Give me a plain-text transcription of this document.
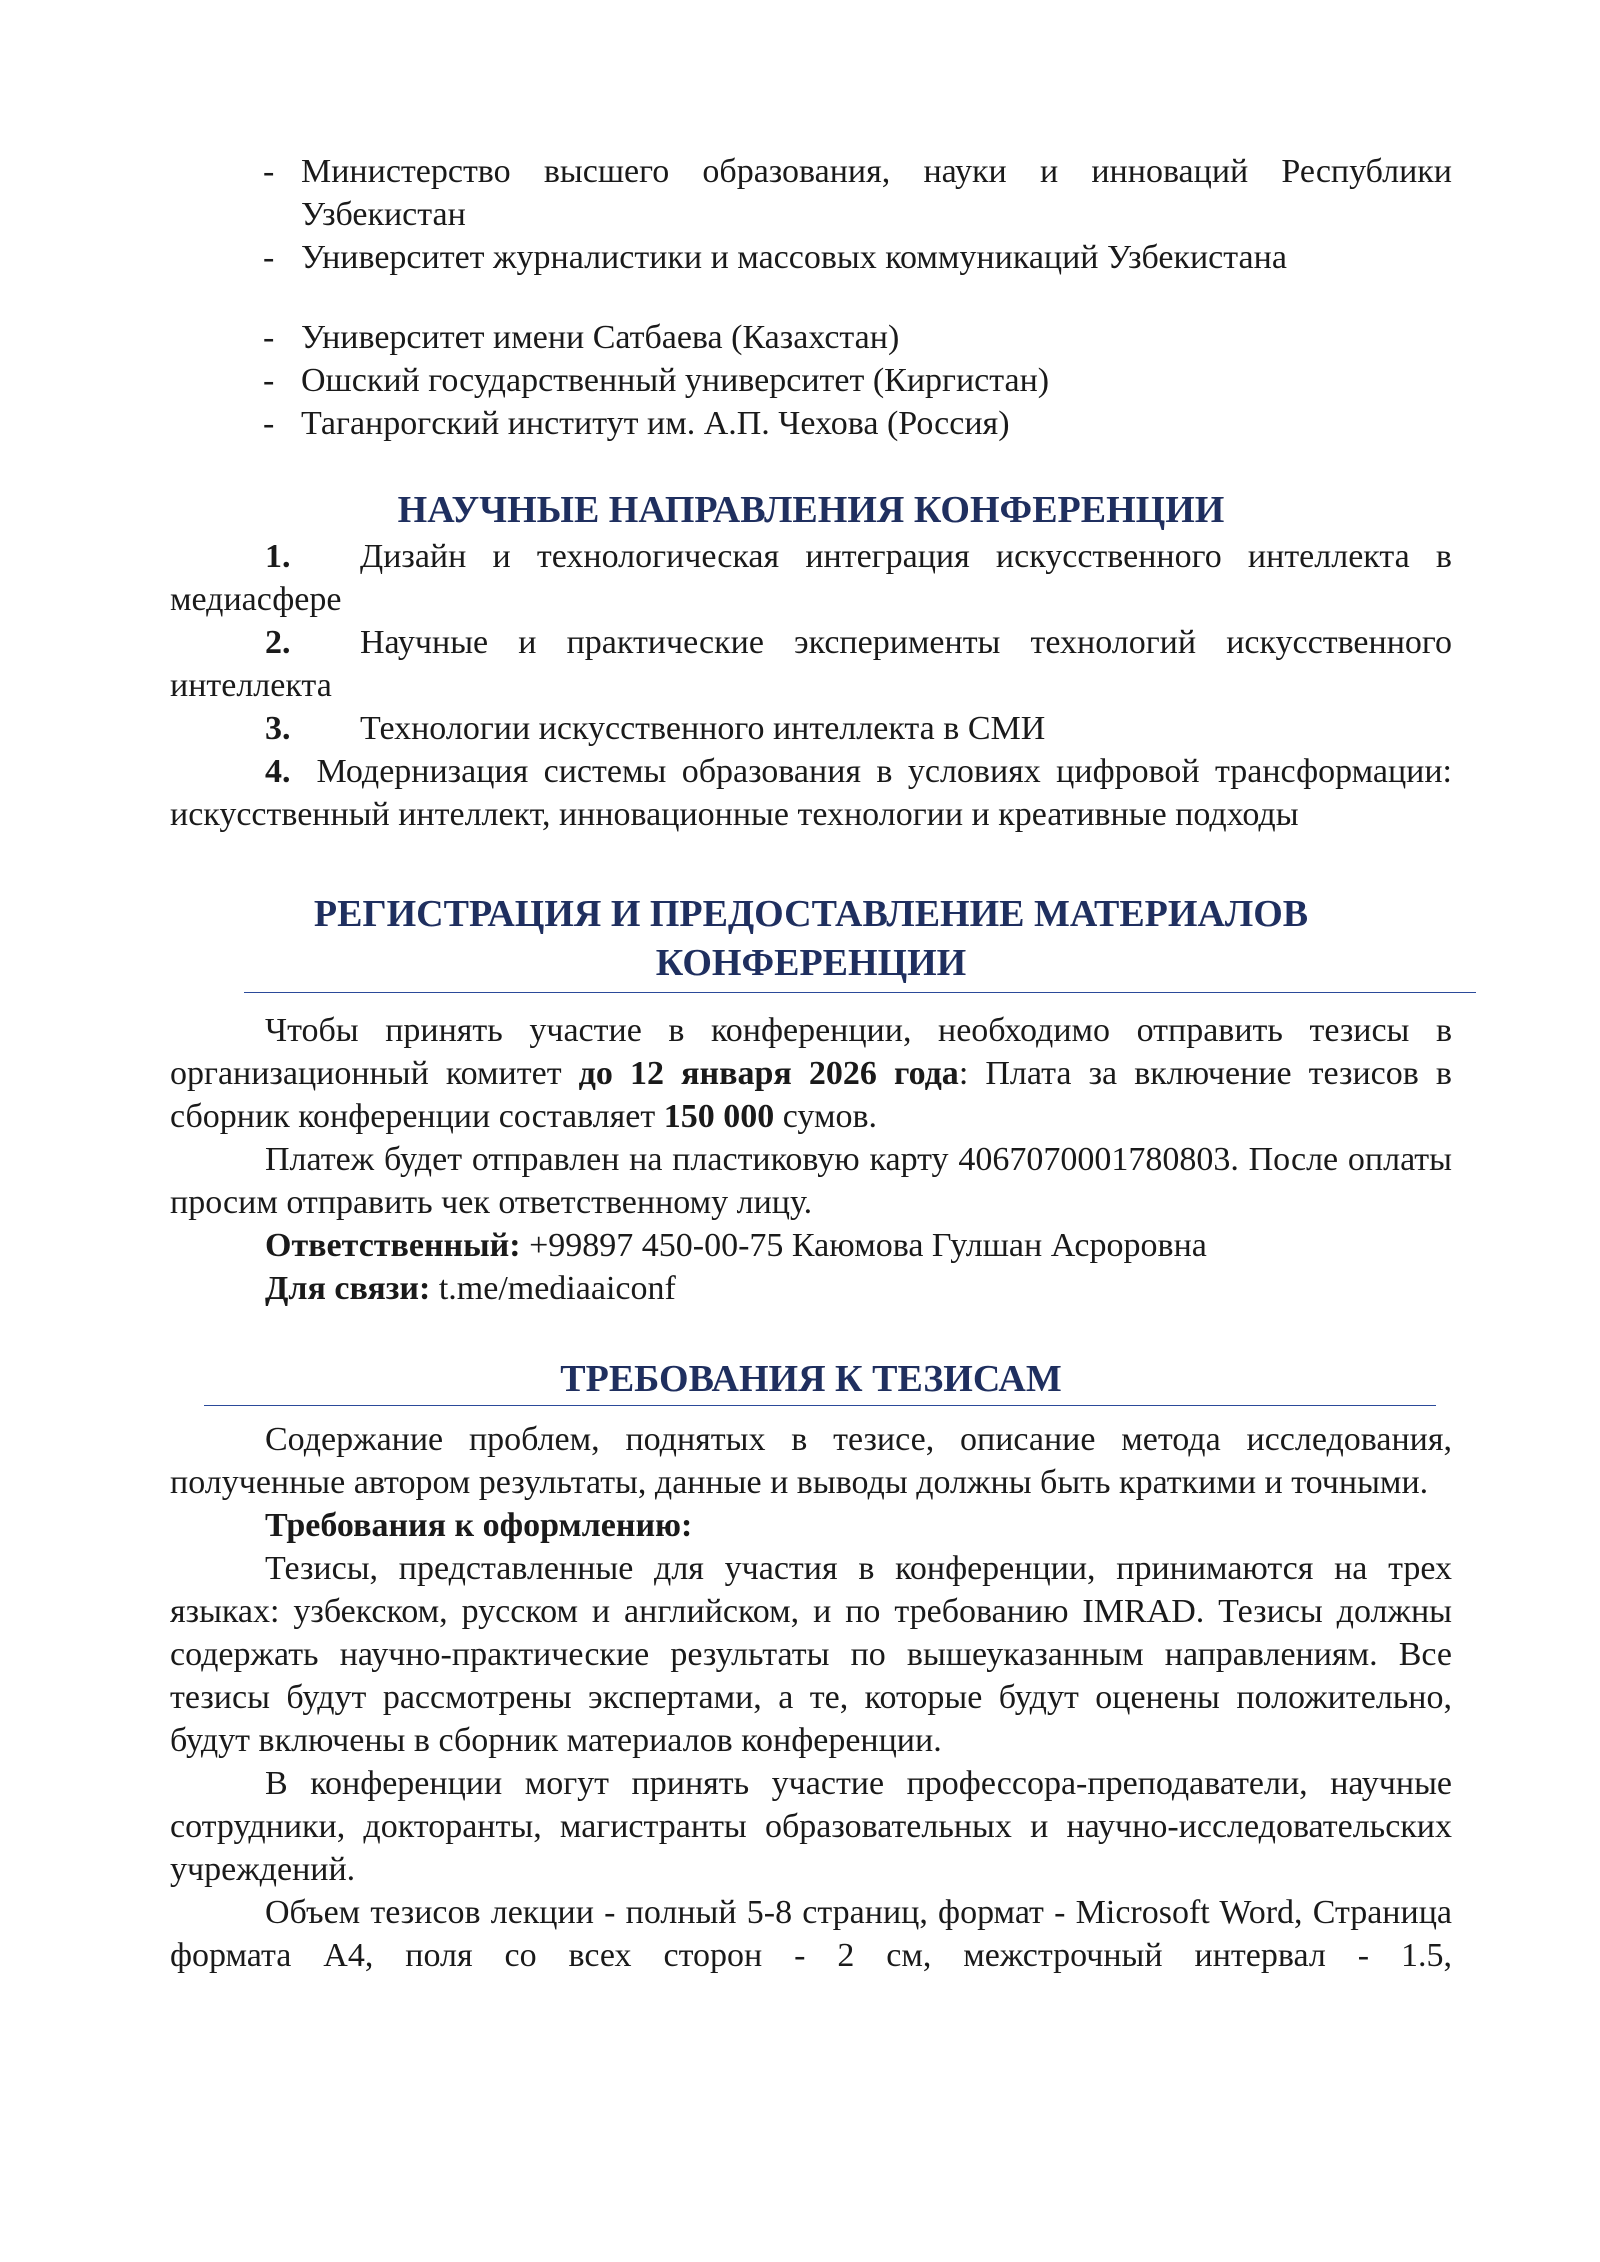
- Министерство высшего образования, науки и инноваций Республики Узбекистан
- Университет журналистики и массовых коммуникаций Узбекистана
- Университет имени Сатбаева (Казахстан)
- Ошский государственный университет (Киргистан)
- Таганрогский институт им. А.П. Чехова (Россия)
НАУЧНЫЕ НАПРАВЛЕНИЯ КОНФЕРЕНЦИИ

1. Дизайн и технологическая интеграция искусственного интеллекта в медиасфере

2. Научные и практические эксперименты технологий искусственного интеллекта

3. Технологии искусственного интеллекта в СМИ

4. Модернизация системы образования в условиях цифровой трансформации: искусственный интеллект, инновационные технологии и креативные подходы

РЕГИСТРАЦИЯ И ПРЕДОСТАВЛЕНИЕ МАТЕРИАЛОВ
КОНФЕРЕНЦИИ

Чтобы принять участие в конференции, необходимо отправить тезисы в организационный комитет до 12 января 2026 года: Плата за включение тезисов в сборник конференции составляет 150 000 сумов.

Платеж будет отправлен на пластиковую карту 4067070001780803. После оплаты просим отправить чек ответственному лицу.

Ответственный: +99897 450-00-75 Каюмова Гулшан Асроровна

Для связи: t.me/mediaaiconf

ТРЕБОВАНИЯ К ТЕЗИСАМ

Содержание проблем, поднятых в тезисе, описание метода исследования, полученные автором результаты, данные и выводы должны быть краткими и точными.

Требования к оформлению:

Тезисы, представленные для участия в конференции, принимаются на трех языках: узбекском, русском и английском, и по требованию IMRAD. Тезисы должны содержать научно-практические результаты по вышеуказанным направлениям. Все тезисы будут рассмотрены экспертами, а те, которые будут оценены положительно, будут включены в сборник материалов конференции.

В конференции могут принять участие профессора-преподаватели, научные сотрудники, докторанты, магистранты образовательных и научно-исследовательских учреждений.

Объем тезисов лекции - полный 5-8 страниц, формат - Microsoft Word, Страница формата А4, поля со всех сторон - 2 см, межстрочный интервал - 1.5,
